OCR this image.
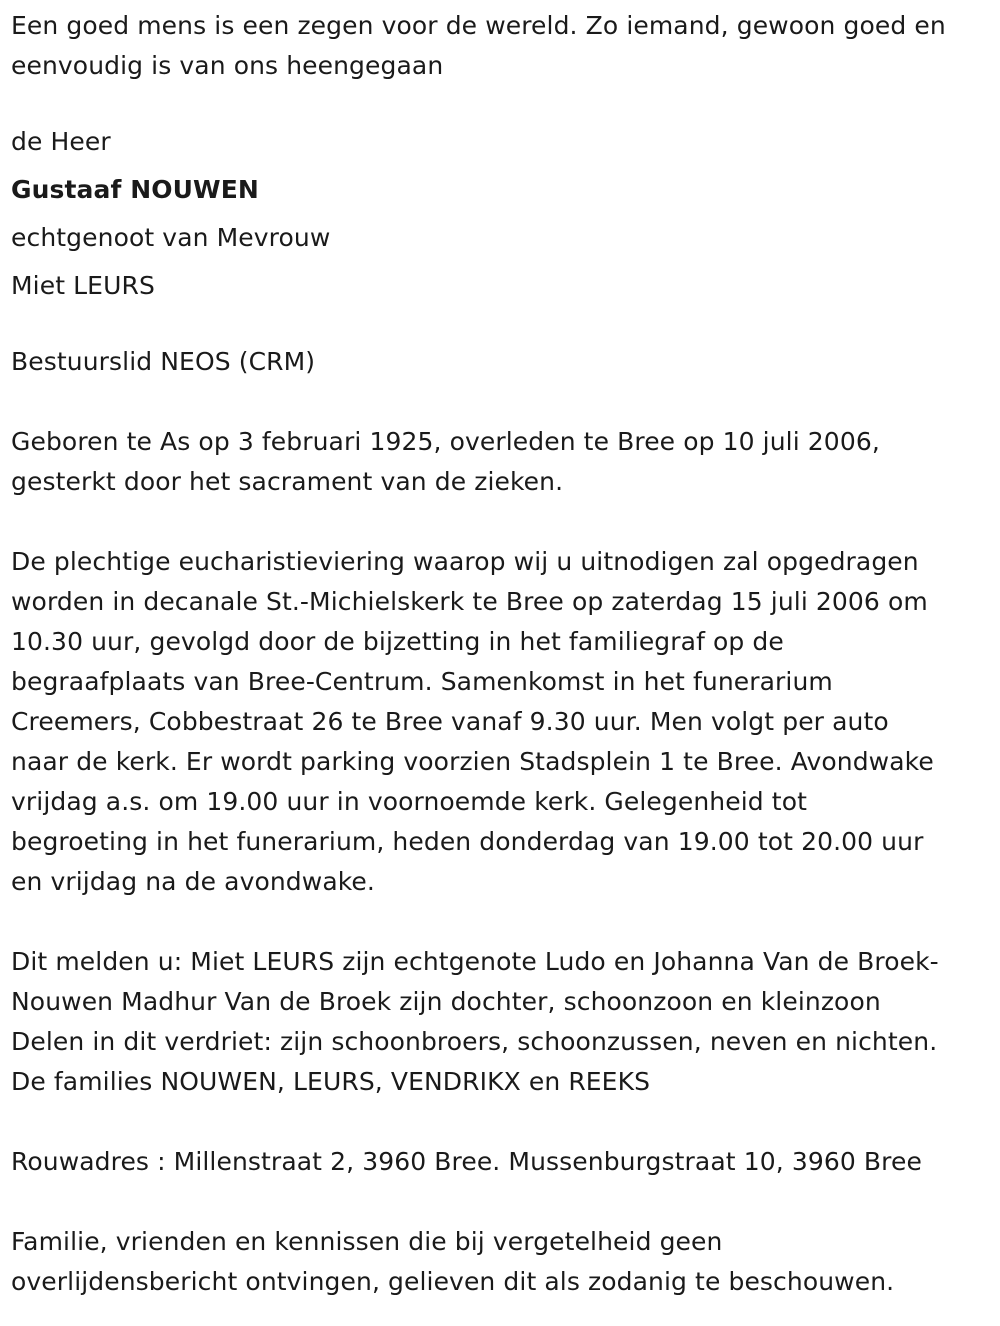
Een goed mens is een zegen voor de wereld. Zo iemand, gewoon goed en
eenvoudig is van ons heengegaan

de Heer

Gustaaf NOUWEN

echtgenoot van Mevrouw

Miet LEURS

Bestuurslid NEOS (CRM)

Geboren te As op 3 februari 1925, overleden te Bree op 10 juli 2006,
gesterkt door het sacrament van de zieken.

De plechtige eucharistieviering waarop wij u uitnodigen zal opgedragen
worden in decanale St.-Michielskerk te Bree op zaterdag 15 juli 2006 om
10.30 uur, gevolgd door de bijzetting in het familiegraf op de
begraafplaats van Bree-Centrum. Samenkomst in het funerarium
Creemers, Cobbestraat 26 te Bree vanaf 9.30 uur. Men volgt per auto
naar de kerk. Er wordt parking voorzien Stadsplein 1 te Bree. Avondwake
vrijdag a.s. om 19.00 uur in voornoemde kerk. Gelegenheid tot
begroeting in het funerarium, heden donderdag van 19.00 tot 20.00 uur
en vrijdag na de avondwake.

Dit melden u: Miet LEURS zijn echtgenote Ludo en Johanna Van de Broek-
Nouwen Madhur Van de Broek zijn dochter, schoonzoon en kleinzoon
Delen in dit verdriet: zijn schoonbroers, schoonzussen, neven en nichten.
De families NOUWEN, LEURS, VENDRIKX en REEKS

Rouwadres : Millenstraat 2, 3960 Bree. Mussenburgstraat 10, 3960 Bree

Familie, vrienden en kennissen die bij vergetelheid geen
overlijdensbericht ontvingen, gelieven dit als zodanig te beschouwen.
